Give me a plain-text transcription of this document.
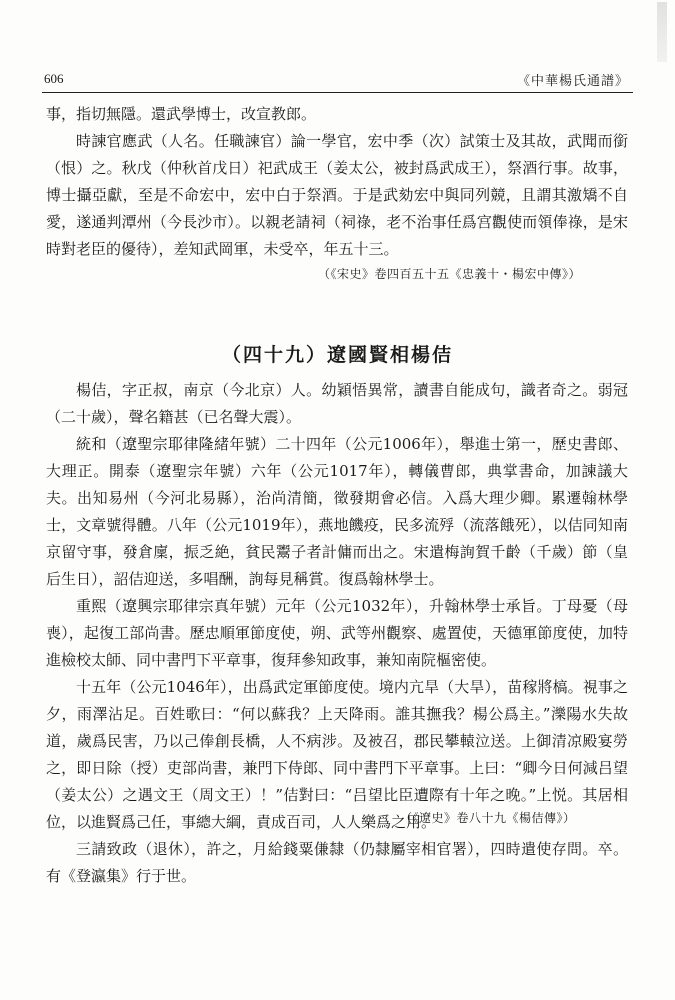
606	《中華楊氏通譜》

事，指切無隱。還武學博士，改宣教郎。

時諫官應武（人名。任職諫官）論一學官，宏中季（次）試策士及其故，武聞而銜（恨）之。秋戊（仲秋首戊日）祀武成王（姜太公，被封爲武成王），祭酒行事。故事，博士攝亞獻，至是不命宏中，宏中白于祭酒。于是武劾宏中與同列競，且謂其激矯不自愛，遂通判潭州（今長沙市）。以親老請祠（祠祿，老不治事任爲宫觀使而領俸祿，是宋時對老臣的優待），差知武岡軍，未受卒，年五十三。

（《宋史》卷四百五十五《忠義十・楊宏中傳》）
（四十九）遼國賢相楊佶

楊佶，字正叔，南京（今北京）人。幼穎悟異常，讀書自能成句，識者奇之。弱冠（二十歲），聲名籍甚（已名聲大震）。

統和（遼聖宗耶律隆緒年號）二十四年（公元1006年），舉進士第一，歷史書郎、大理正。開泰（遼聖宗年號）六年（公元1017年），轉儀曹郎，典掌書命，加諫議大夫。出知易州（今河北易縣），治尚清簡，徵發期會必信。入爲大理少卿。累遷翰林學士，文章號得體。八年（公元1019年），燕地饑疫，民多流殍（流落餓死），以佶同知南京留守事，發倉廩，振乏絶，貧民鬻子者計傭而出之。宋遣梅詢賀千齡（千歲）節（皇后生日），詔佶迎送，多唱酬，詢每見稱賞。復爲翰林學士。

重熙（遼興宗耶律宗真年號）元年（公元1032年），升翰林學士承旨。丁母憂（母喪），起復工部尚書。歷忠順軍節度使，朔、武等州觀察、處置使，天德軍節度使，加特進檢校太師、同中書門下平章事，復拜參知政事，兼知南院樞密使。

十五年（公元1046年），出爲武定軍節度使。境内亢旱（大旱），苗稼將槁。視事之夕，雨澤沾足。百姓歌曰：“何以蘇我？上天降雨。誰其撫我？楊公爲主。”濼陽水失故道，歲爲民害，乃以己俸創長橋，人不病涉。及被召，郡民攀轅泣送。上御清凉殿宴勞之，即日除（授）吏部尚書，兼門下侍郎、同中書門下平章事。上曰：“卿今日何減吕望（姜太公）之遇文王（周文王）！”佶對曰：“吕望比臣遭際有十年之晚。”上悦。其居相位，以進賢爲己任，事總大綱，責成百司，人人樂爲之用。

三請致政（退休），許之，月給錢粟傔隸（仍隸屬宰相官署），四時遣使存問。卒。有《登瀛集》行于世。

（《遼史》卷八十九《楊佶傳》）
